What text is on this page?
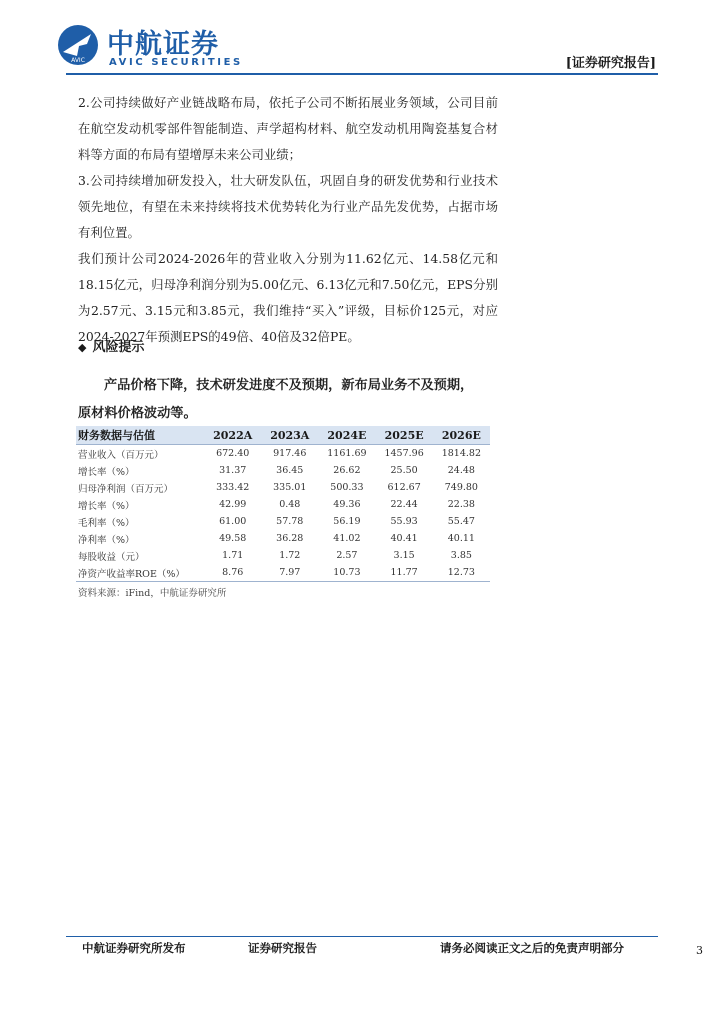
AVIC
中航证券
AVIC SECURITIES	[证券研究报告]

2.公司持续做好产业链战略布局，依托子公司不断拓展业务领域，公司目前在航空发动机零部件智能制造、声学超构材料、航空发动机用陶瓷基复合材料等方面的布局有望增厚未来公司业绩；

3.公司持续增加研发投入，壮大研发队伍，巩固自身的研发优势和行业技术领先地位，有望在未来持续将技术优势转化为行业产品先发优势，占据市场有利位置。

我们预计公司2024-2026年的营业收入分别为11.62亿元、14.58亿元和18.15亿元，归母净利润分别为5.00亿元、6.13亿元和7.50亿元，EPS分别为2.57元、3.15元和3.85元，我们维持“买入”评级，目标价125元，对应2024-2027年预测EPS的49倍、40倍及32倍PE。

◆ 风险提示
产品价格下降，技术研发进度不及预期，新布局业务不及预期，原材料价格波动等。
财务数据与估值	2022A	2023A	2024E	2025E	2026E
营业收入（百万元）	672.40	917.46	1161.69	1457.96	1814.82
增长率（%）	31.37	36.45	26.62	25.50	24.48
归母净利润（百万元）	333.42	335.01	500.33	612.67	749.80
增长率（%）	42.99	0.48	49.36	22.44	22.38
毛利率（%）	61.00	57.78	56.19	55.93	55.47
净利率（%）	49.58	36.28	41.02	40.41	40.11
每股收益（元）	1.71	1.72	2.57	3.15	3.85
净资产收益率ROE（%）	8.76	7.97	10.73	11.77	12.73
资料来源：iFind，中航证券研究所
中航证券研究所发布	证券研究报告	请务必阅读正文之后的免责声明部分	3
